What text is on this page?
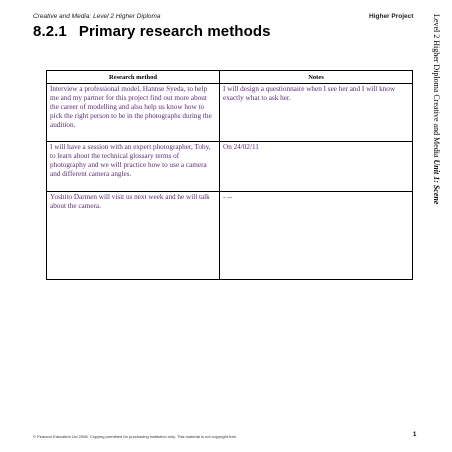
Creative and Media: Level 2 Higher Diploma	Higher Project
8.2.1 Primary research methods	Level 2 Higher Diploma Creative and Media Unit 1: Scene
Research method	Notes
Interview a professional model, Hannse Syeda, to help me and my partner for this project find out more about the career of modelling and also help us know how to pick the right person to be in the photographs during the audition.	I will design a questionnaire when I see her and I will know exactly what to ask her.
I will have a session with an expert photographer, Toby, to learn about the technical glossary terms of photography and we will practice how to use a camera and different camera angles.	On 24/02/11
Yoshito Darmen will visit us next week and he will talk about the camera.	- --
© Pearson Education Ltd 2008. Copying permitted for purchasing institution only. This material is not copyright free.	1
